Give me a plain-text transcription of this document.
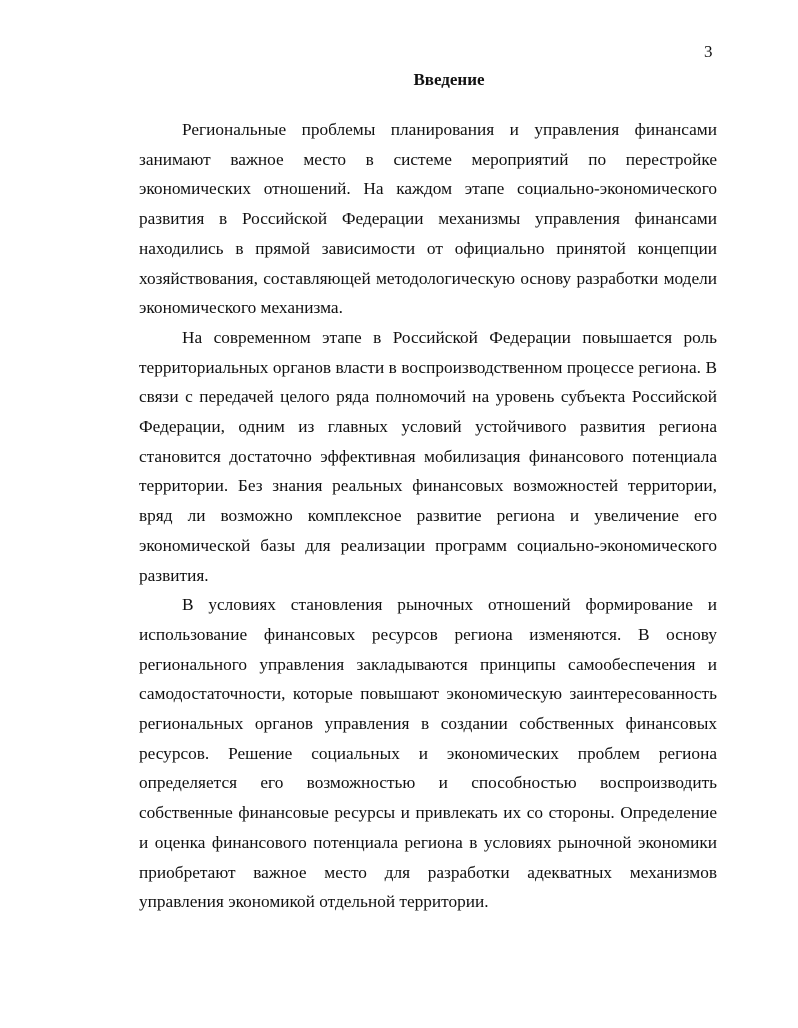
3
Введение

Региональные проблемы планирования и управления финансами занимают важное место в системе мероприятий по перестройке экономических отношений. На каждом этапе социально-экономического развития в Российской Федерации механизмы управления финансами находились в прямой зависимости от официально принятой концепции хозяйствования, составляющей методологическую основу разработки модели экономического механизма.

На современном этапе в Российской Федерации повышается роль территориальных органов власти в воспроизводственном процессе региона. В связи с передачей целого ряда полномочий на уровень субъекта Российской Федерации, одним из главных условий устойчивого развития региона становится достаточно эффективная мобилизация финансового потенциала территории. Без знания реальных финансовых возможностей территории, вряд ли возможно комплексное развитие региона и увеличение его экономической базы для реализации программ социально-экономического развития.

В условиях становления рыночных отношений формирование и использование финансовых ресурсов региона изменяются. В основу регионального управления закладываются принципы самообеспечения и самодостаточности, которые повышают экономическую заинтересованность региональных органов управления в создании собственных финансовых ресурсов. Решение социальных и экономических проблем региона определяется его возможностью и способностью воспроизводить собственные финансовые ресурсы и привлекать их со стороны. Определение и оценка финансового потенциала региона в условиях рыночной экономики приобретают важное место для разработки адекватных механизмов управления экономикой отдельной территории.
